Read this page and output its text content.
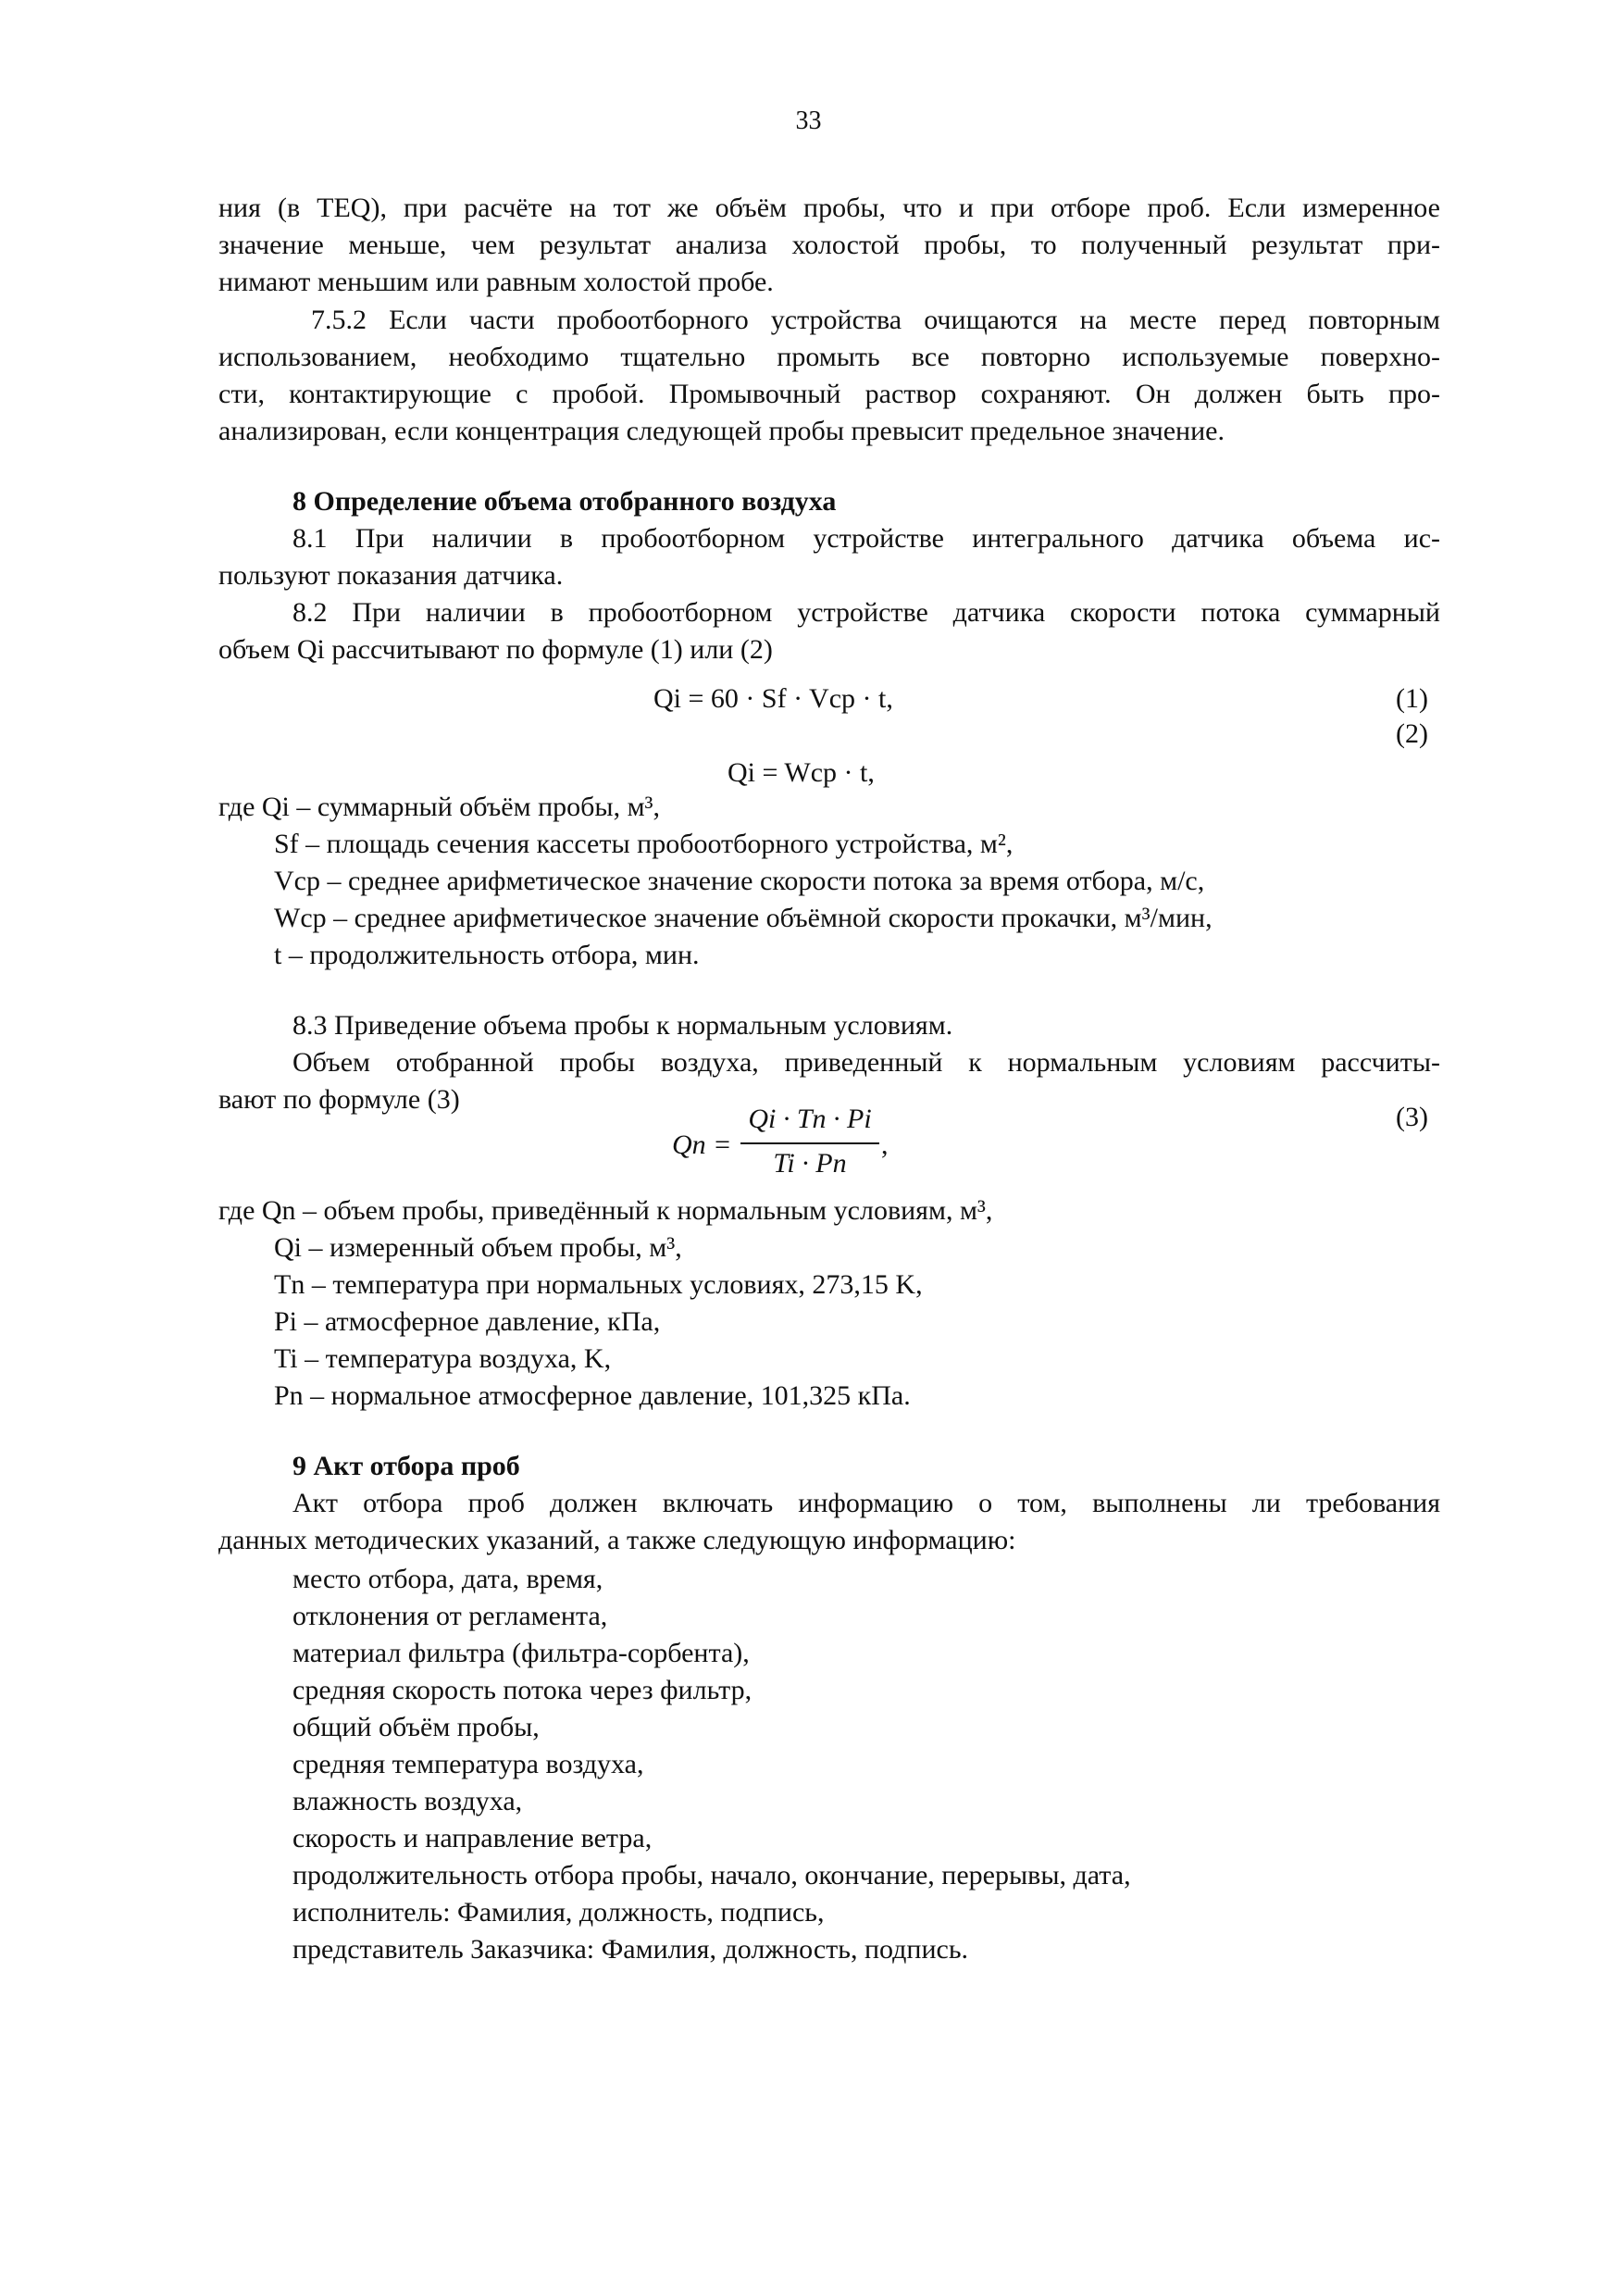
33
ния (в TEQ), при расчёте на тот же объём пробы, что и при отборе проб. Если измеренное
значение меньше, чем результат анализа холостой пробы, то полученный результат при-
нимают меньшим или равным холостой пробе.
7.5.2 Если части пробоотборного устройства очищаются на месте перед повторным
использованием, необходимо тщательно промыть все повторно используемые поверхно-
сти, контактирующие с пробой. Промывочный раствор сохраняют. Он должен быть про-
анализирован, если концентрация следующей пробы превысит предельное значение.
8 Определение объема отобранного воздуха
8.1 При наличии в пробоотборном устройстве интегрального датчика объема ис-
пользуют показания датчика.
8.2 При наличии в пробоотборном устройстве датчика скорости потока суммарный
объем Qi рассчитывают по формуле (1) или (2)
Qi = 60 · Sf · Vср · t,	(1)
(2)
Qi = Wср · t,
где Qi – суммарный объём пробы, м³,
Sf – площадь сечения кассеты пробоотборного устройства, м²,
Vср – среднее арифметическое значение скорости потока за время отбора, м/с,
Wср – среднее арифметическое значение объёмной скорости прокачки, м³/мин,
t – продолжительность отбора, мин.
8.3 Приведение объема пробы к нормальным условиям.
Объем отобранной пробы воздуха, приведенный к нормальным условиям рассчиты-
вают по формуле (3)
Qn =
Qi · Tn · Pi
Ti · Pn
,
(3)
где Qn – объем пробы, приведённый к нормальным условиям, м³,
Qi – измеренный объем пробы, м³,
Tn – температура при нормальных условиях, 273,15 K,
Pi – атмосферное давление, кПа,
Ti – температура воздуха, K,
Pn – нормальное атмосферное давление, 101,325 кПа.
9 Акт отбора проб
Акт отбора проб должен включать информацию о том, выполнены ли требования
данных методических указаний, а также следующую информацию:
место отбора, дата, время,
отклонения от регламента,
материал фильтра (фильтра-сорбента),
средняя скорость потока через фильтр,
общий объём пробы,
средняя температура воздуха,
влажность воздуха,
скорость и направление ветра,
продолжительность отбора пробы, начало, окончание, перерывы, дата,
исполнитель: Фамилия, должность, подпись,
представитель Заказчика: Фамилия, должность, подпись.
